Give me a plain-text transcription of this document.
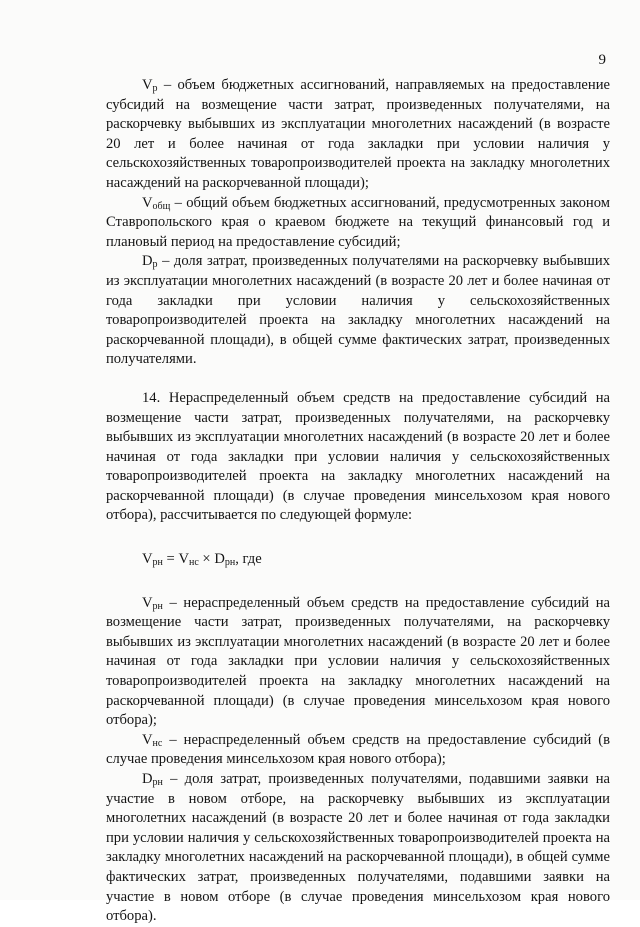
9

$V_р$ – объем бюджетных ассигнований, направляемых на предоставление субсидий на возмещение части затрат, произведенных получателями, на раскорчевку выбывших из эксплуатации многолетних насаждений (в возрасте 20 лет и более начиная от года закладки при условии наличия у сельскохозяйственных товаропроизводителей проекта на закладку многолетних насаждений на раскорчеванной площади);

$V_{общ}$ – общий объем бюджетных ассигнований, предусмотренных законом Ставропольского края о краевом бюджете на текущий финансовый год и плановый период на предоставление субсидий;

$D_р$ – доля затрат, произведенных получателями на раскорчевку выбывших из эксплуатации многолетних насаждений (в возрасте 20 лет и более начиная от года закладки при условии наличия у сельскохозяйственных товаропроизводителей проекта на закладку многолетних насаждений на раскорчеванной площади), в общей сумме фактических затрат, произведенных получателями.

14. Нераспределенный объем средств на предоставление субсидий на возмещение части затрат, произведенных получателями, на раскорчевку выбывших из эксплуатации многолетних насаждений (в возрасте 20 лет и более начиная от года закладки при условии наличия у сельскохозяйственных товаропроизводителей проекта на закладку многолетних насаждений на раскорчеванной площади) (в случае проведения минсельхозом края нового отбора), рассчитывается по следующей формуле:

$V_{рн} = V_{нс} \times D_{рн}$, где

$V_{рн}$ – нераспределенный объем средств на предоставление субсидий на возмещение части затрат, произведенных получателями, на раскорчевку выбывших из эксплуатации многолетних насаждений (в возрасте 20 лет и более начиная от года закладки при условии наличия у сельскохозяйственных товаропроизводителей проекта на закладку многолетних насаждений на раскорчеванной площади) (в случае проведения минсельхозом края нового отбора);

$V_{нс}$ – нераспределенный объем средств на предоставление субсидий (в случае проведения минсельхозом края нового отбора);

$D_{рн}$ – доля затрат, произведенных получателями, подавшими заявки на участие в новом отборе, на раскорчевку выбывших из эксплуатации многолетних насаждений (в возрасте 20 лет и более начиная от года закладки при условии наличия у сельскохозяйственных товаропроизводителей проекта на закладку многолетних насаждений на раскорчеванной площади), в общей сумме фактических затрат, произведенных получателями, подавшими заявки на участие в новом отборе (в случае проведения минсельхозом края нового отбора).
